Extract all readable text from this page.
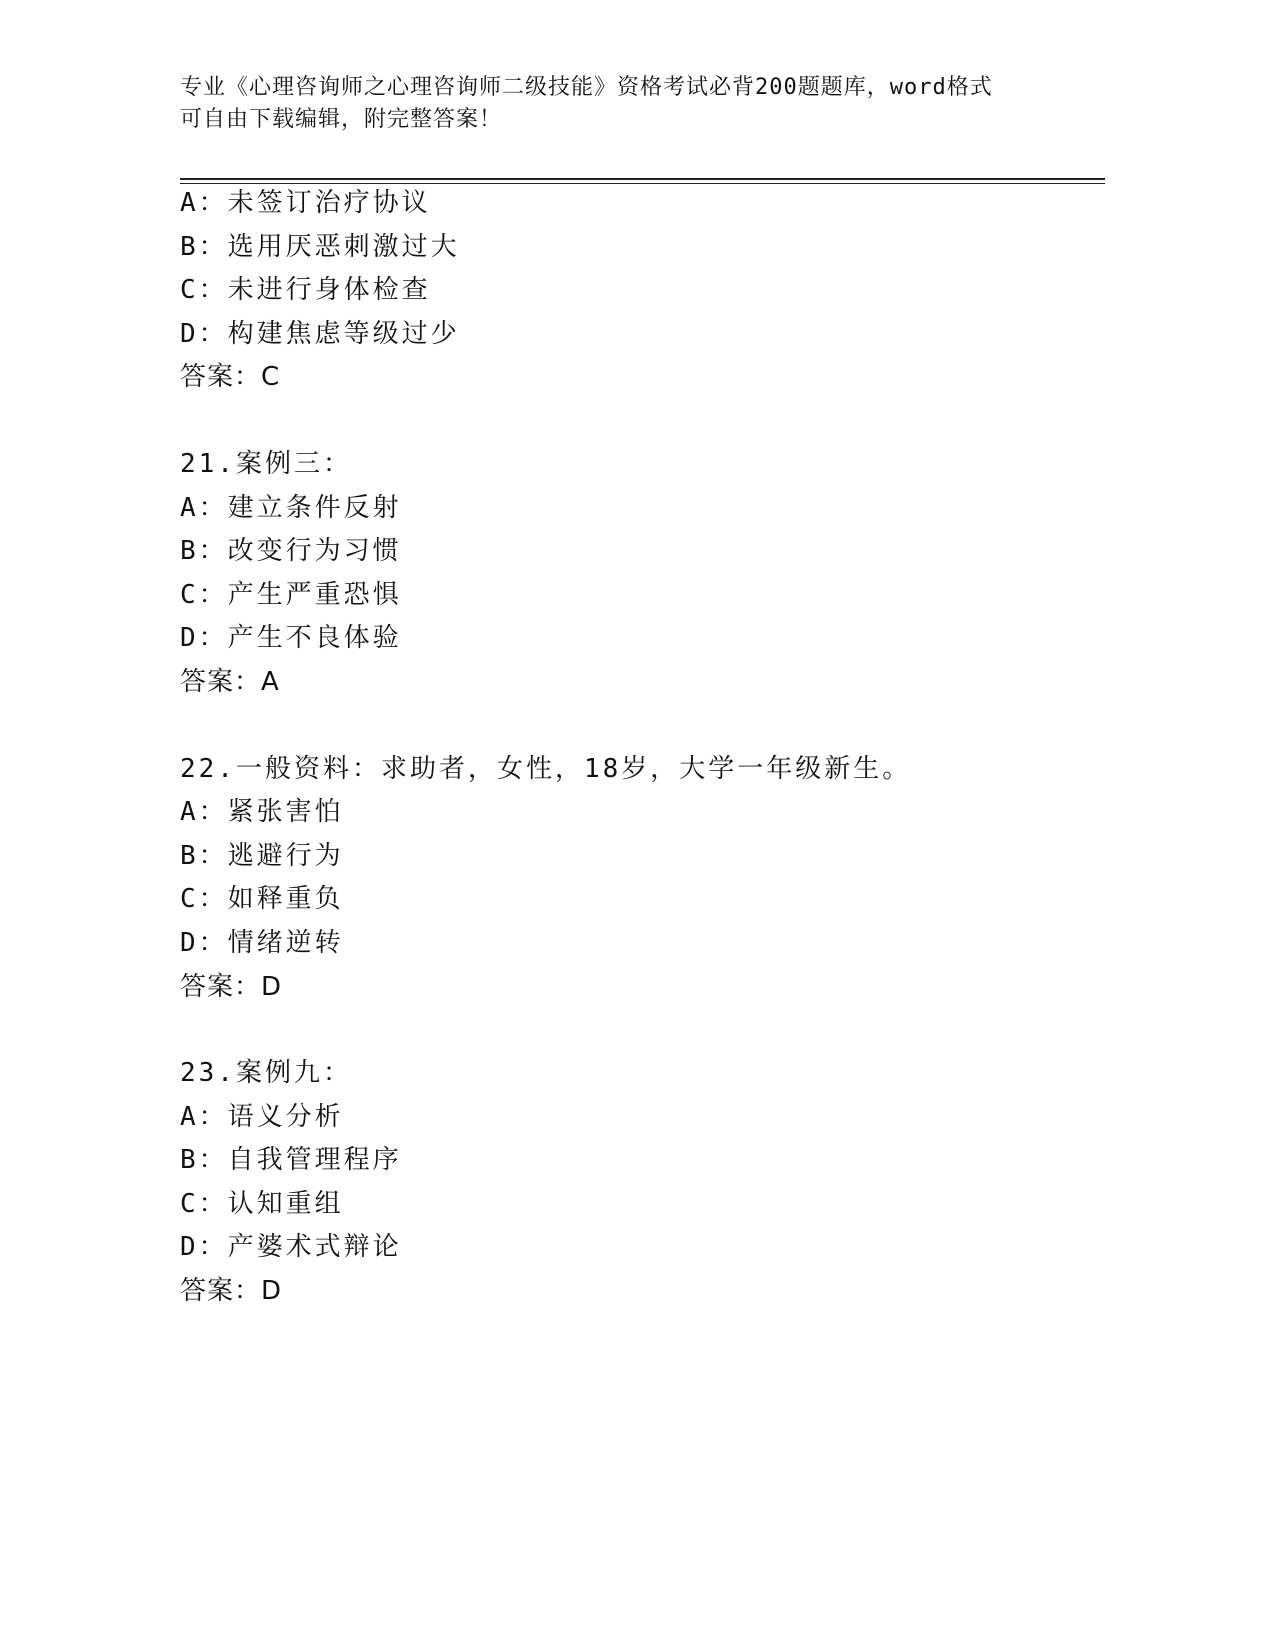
专业《心理咨询师之心理咨询师二级技能》资格考试必背200题题库，word格式
可自由下载编辑，附完整答案！
A：未签订治疗协议
B：选用厌恶刺激过大
C：未进行身体检查
D：构建焦虑等级过少
答案：C
21.案例三：
A：建立条件反射
B：改变行为习惯
C：产生严重恐惧
D：产生不良体验
答案：A
22.一般资料：求助者，女性，18岁，大学一年级新生。
A：紧张害怕
B：逃避行为
C：如释重负
D：情绪逆转
答案：D
23.案例九：
A：语义分析
B：自我管理程序
C：认知重组
D：产婆术式辩论
答案：D
